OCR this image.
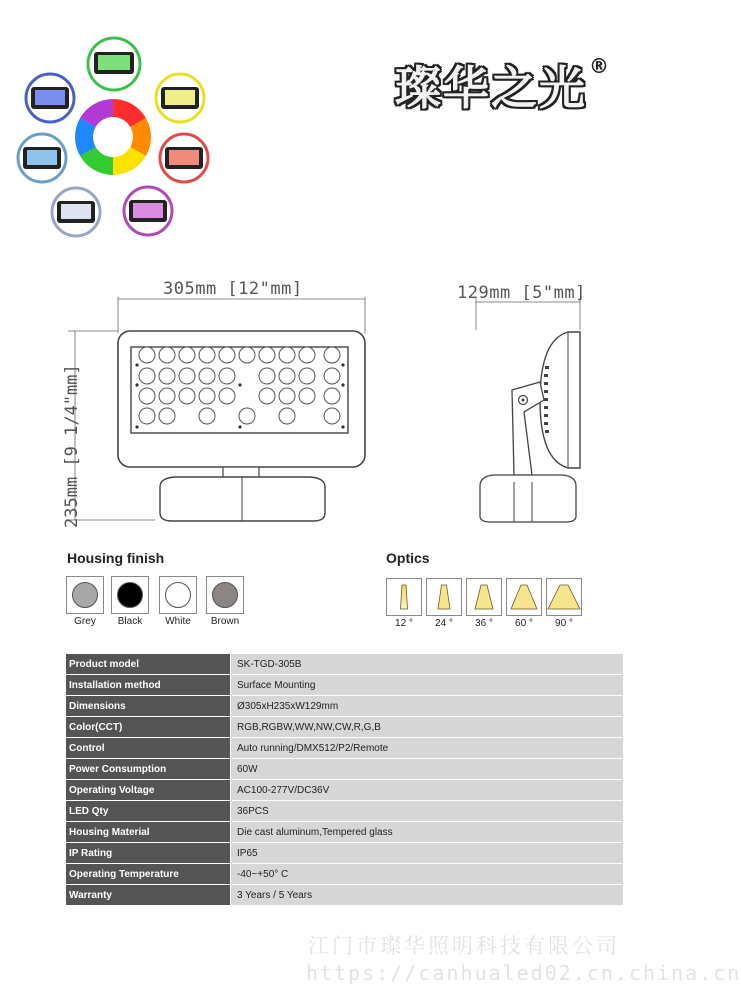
璨华之光 ®
305mm [12"mm]
235mm [9 1/4"mm]
129mm [5"mm]
Housing finish
Grey	Black	White	Brown
Optics
12 °	24 °	36 °	60 °	90 °
Product model	SK-TGD-305B
Installation method	Surface Mounting
Dimensions	Ø305xH235xW129mm
Color(CCT)	RGB,RGBW,WW,NW,CW,R,G,B
Control	Auto running/DMX512/P2/Remote
Power Consumption	60W
Operating Voltage	AC100-277V/DC36V
LED Qty	36PCS
Housing Material	Die cast aluminum,Tempered glass
IP Rating	IP65
Operating Temperature	-40~+50° C
Warranty	3 Years / 5 Years
江门市璨华照明科技有限公司
https://canhualed02.cn.china.cn
